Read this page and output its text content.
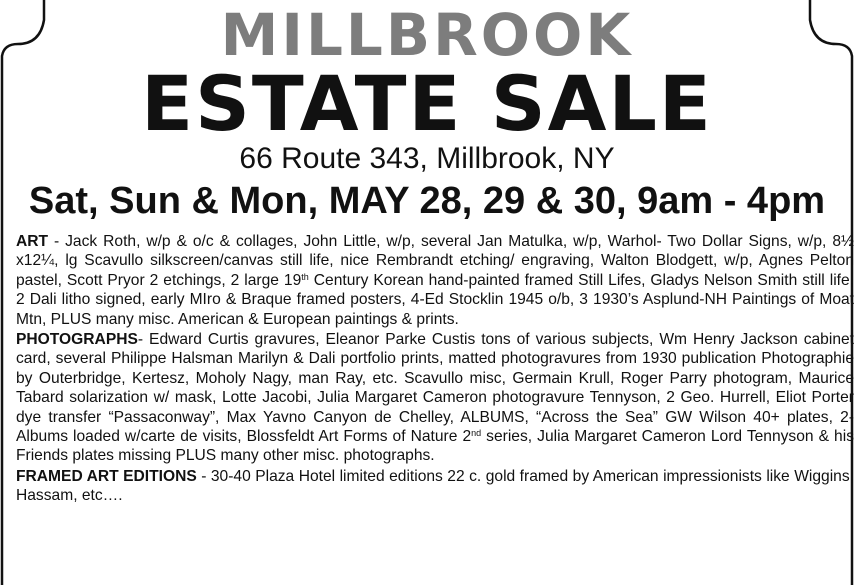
MILLBROOK
ESTATE SALE
66 Route 343, Millbrook, NY
Sat, Sun & Mon, MAY 28, 29 & 30, 9am - 4pm

ART - Jack Roth, w/p & o/c & collages, John Little, w/p, several Jan Matulka, w/p, Warhol- Two Dollar Signs, w/p, 8½ x12¼, lg Scavullo silkscreen/canvas still life, nice Rembrandt etching/ engraving, Walton Blodgett, w/p, Agnes Pelton pastel, Scott Pryor 2 etchings, 2 large 19th Century Korean hand-painted framed Still Lifes, Gladys Nelson Smith still life, 2 Dali litho signed, early MIro & Braque framed posters, 4-Ed Stocklin 1945 o/b, 3 1930’s Asplund-NH Paintings of Moat Mtn, PLUS many misc. American & European paintings & prints.

PHOTOGRAPHS- Edward Curtis gravures, Eleanor Parke Custis tons of various subjects, Wm Henry Jackson cabinet card, several Philippe Halsman Marilyn & Dali portfolio prints, matted photogravures from 1930 publication Photographie by Outerbridge, Kertesz, Moholy Nagy, man Ray, etc. Scavullo misc, Germain Krull, Roger Parry photogram, Maurice Tabard solarization w/ mask, Lotte Jacobi, Julia Margaret Cameron photogravure Tennyson, 2 Geo. Hurrell, Eliot Porter dye transfer “Passaconway”, Max Yavno Canyon de Chelley, ALBUMS, “Across the Sea” GW Wilson 40+ plates, 2-Albums loaded w/carte de visits, Blossfeldt Art Forms of Nature 2nd series, Julia Margaret Cameron Lord Tennyson & his Friends plates missing PLUS many other misc. photographs.

FRAMED ART EDITIONS - 30-40 Plaza Hotel limited editions 22 c. gold framed by American impressionists like Wiggins, Hassam, etc….
